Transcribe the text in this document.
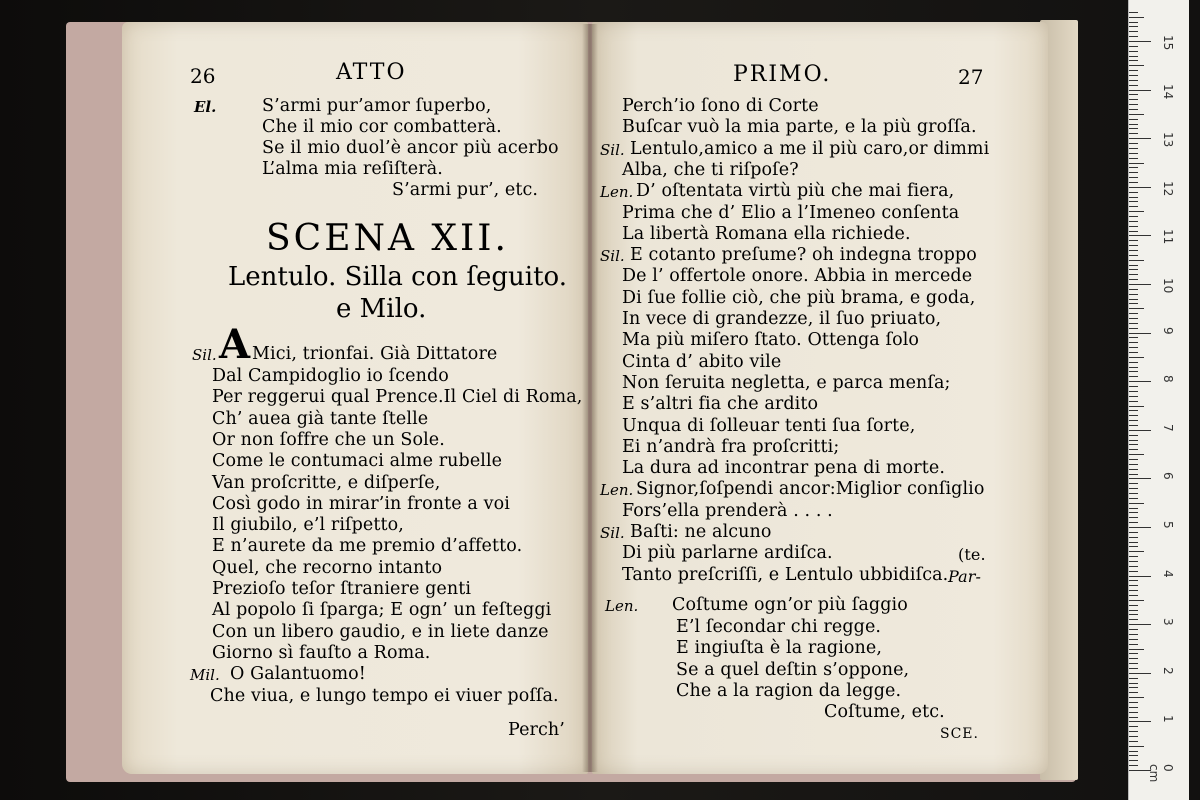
26	ATTO
SCENA XII.
Lentulo. Silla con ſeguito.
e Milo.
Sil. A Mici, trionfai. Già Dittatore
Mil. O Galantuomo!
Che viua, e lungo tempo ei viuer poſſa.
Perch’
PRIMO.	27
(te.
Par-
Len.
Coſtume, etc.
SCE.
15
14
13
12
11
10
9
8
7
6
5
4
3
2
1
0 cm
El.	S’armi pur’amor ſuperbo,
Che il mio cor combatterà.
Se il mio duol’è ancor più acerbo
L’alma mia reſiſterà.
S’armi pur’, etc.
Dal Campidoglio io ſcendo
Per reggerui qual Prence.Il Ciel di Roma,
Ch’ auea già tante ſtelle
Or non ſoffre che un Sole.
Come le contumaci alme rubelle
Van proſcritte, e diſperſe,
Così godo in mirar’in fronte a voi
Il giubilo, e’l riſpetto,
E n’aurete da me premio d’affetto.
Quel, che recorno intanto
Prezioſo teſor ſtraniere genti
Al popolo ſi ſparga; E ogn’ un feſteggi
Con un libero gaudio, e in liete danze
Giorno sì fauſto a Roma.
Perch’io ſono di Corte
Buſcar vuò la mia parte, e la più groſſa.
Sil. Lentulo,amico a me il più caro,or dimmi
Alba, che ti riſpoſe?
Len. D’ oſtentata virtù più che mai fiera,
Prima che d’ Elio a l’Imeneo conſenta
La libertà Romana ella richiede.
Sil. E cotanto preſume? oh indegna troppo
De l’ offertole onore. Abbia in mercede
Di ſue follie ciò, che più brama, e goda,
In vece di grandezze, il ſuo priuato,
Ma più miſero ſtato. Ottenga ſolo
Cinta d’ abito vile
Non ſeruita negletta, e parca menſa;
E s’altri fia che ardito
Unqua di ſolleuar tenti ſua ſorte,
Ei n’andrà fra proſcritti;
La dura ad incontrar pena di morte.
Len. Signor,ſoſpendi ancor:Miglior conſiglio
Fors’ella prenderà . . . .
Sil. Baſti: ne alcuno
Di più parlarne ardiſca.
Tanto preſcriſſi, e Lentulo ubbidiſca.
Coſtume ogn’or più ſaggio
E’l ſecondar chi regge.
E ingiuſta è la ragione,
Se a quel deſtin s’oppone,
Che a la ragion da legge.
